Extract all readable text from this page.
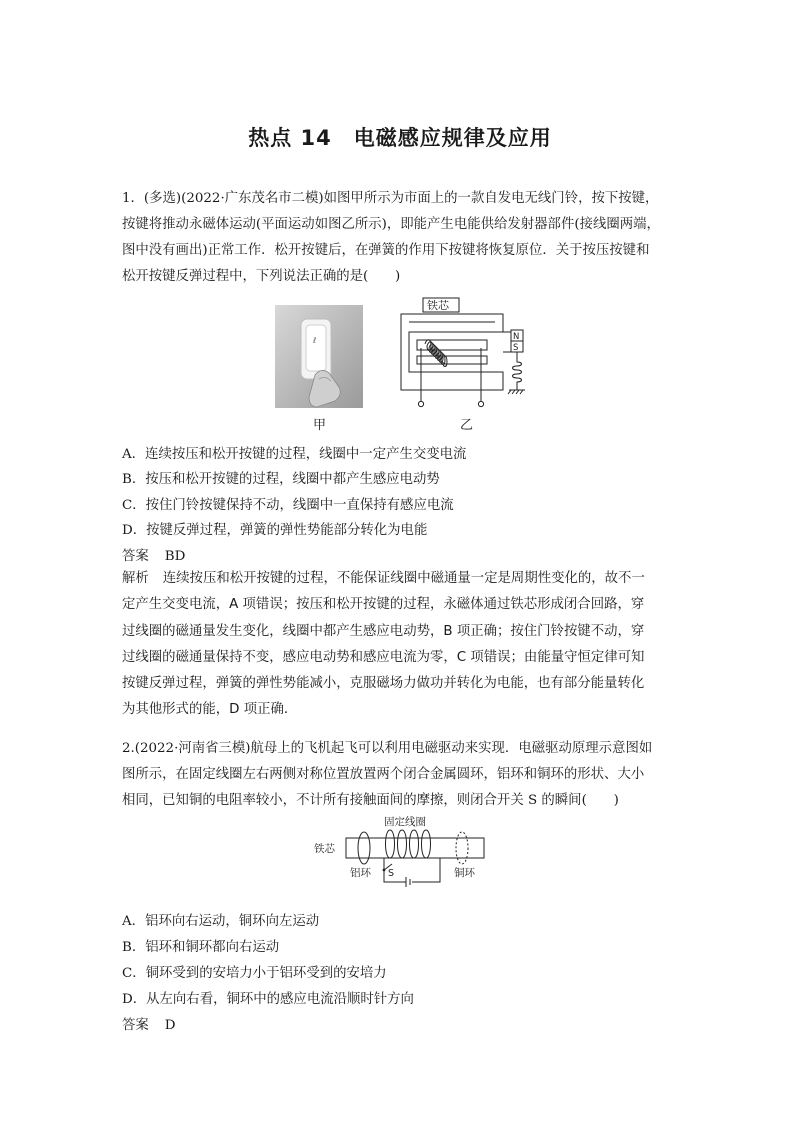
热点 14 电磁感应规律及应用
1．(多选)(2022·广东茂名市二模)如图甲所示为市面上的一款自发电无线门铃，按下按键，
按键将推动永磁体运动(平面运动如图乙所示)，即能产生电能供给发射器部件(接线圈两端，
图中没有画出)正常工作．松开按键后，在弹簧的作用下按键将恢复原位．关于按压按键和
松开按键反弹过程中，下列说法正确的是(　　)
ℓ
甲
铁芯
N
S
乙
A．连续按压和松开按键的过程，线圈中一定产生交变电流
B．按压和松开按键的过程，线圈中都产生感应电动势
C．按住门铃按键保持不动，线圈中一直保持有感应电流
D．按键反弹过程，弹簧的弹性势能部分转化为电能
答案 BD
解析 连续按压和松开按键的过程，不能保证线圈中磁通量一定是周期性变化的，故不一
定产生交变电流，A 项错误；按压和松开按键的过程，永磁体通过铁芯形成闭合回路，穿
过线圈的磁通量发生变化，线圈中都产生感应电动势，B 项正确；按住门铃按键不动，穿
过线圈的磁通量保持不变，感应电动势和感应电流为零，C 项错误；由能量守恒定律可知
按键反弹过程，弹簧的弹性势能减小，克服磁场力做功并转化为电能，也有部分能量转化
为其他形式的能，D 项正确．
2.(2022·河南省三模)航母上的飞机起飞可以利用电磁驱动来实现．电磁驱动原理示意图如
图所示，在固定线圈左右两侧对称位置放置两个闭合金属圆环，铝环和铜环的形状、大小
相同，已知铜的电阻率较小，不计所有接触面间的摩擦，则闭合开关 S 的瞬间(　　)
固定线圈
铁芯
铝环	铜环
S
A．铝环向右运动，铜环向左运动
B．铝环和铜环都向右运动
C．铜环受到的安培力小于铝环受到的安培力
D．从左向右看，铜环中的感应电流沿顺时针方向
答案 D
